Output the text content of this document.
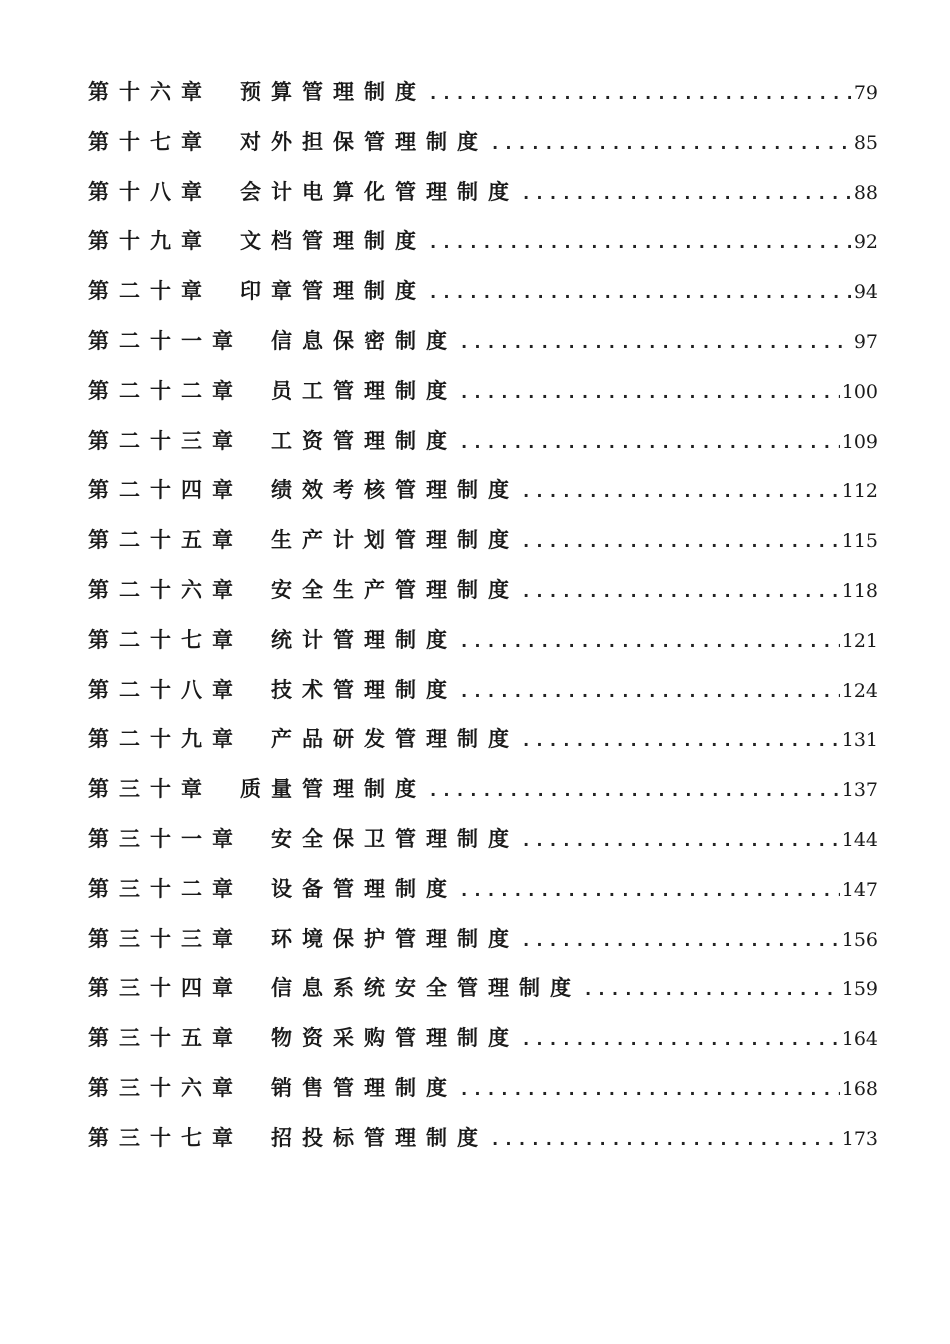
第十六章 预算管理制度 .....	79
第十七章 对外担保管理制度 .....	85
第十八章 会计电算化管理制度 .....	88
第十九章 文档管理制度 .....	92
第二十章 印章管理制度 .....	94
第二十一章 信息保密制度 .....	97
第二十二章 员工管理制度 .....	100
第二十三章 工资管理制度 .....	109
第二十四章 绩效考核管理制度 .....	112
第二十五章 生产计划管理制度 .....	115
第二十六章 安全生产管理制度 .....	118
第二十七章 统计管理制度 .....	121
第二十八章 技术管理制度 .....	124
第二十九章 产品研发管理制度 .....	131
第三十章 质量管理制度 .....	137
第三十一章 安全保卫管理制度 .....	144
第三十二章 设备管理制度 .....	147
第三十三章 环境保护管理制度 .....	156
第三十四章 信息系统安全管理制度 .....	159
第三十五章 物资采购管理制度 .....	164
第三十六章 销售管理制度 .....	168
第三十七章 招投标管理制度 .....	173
